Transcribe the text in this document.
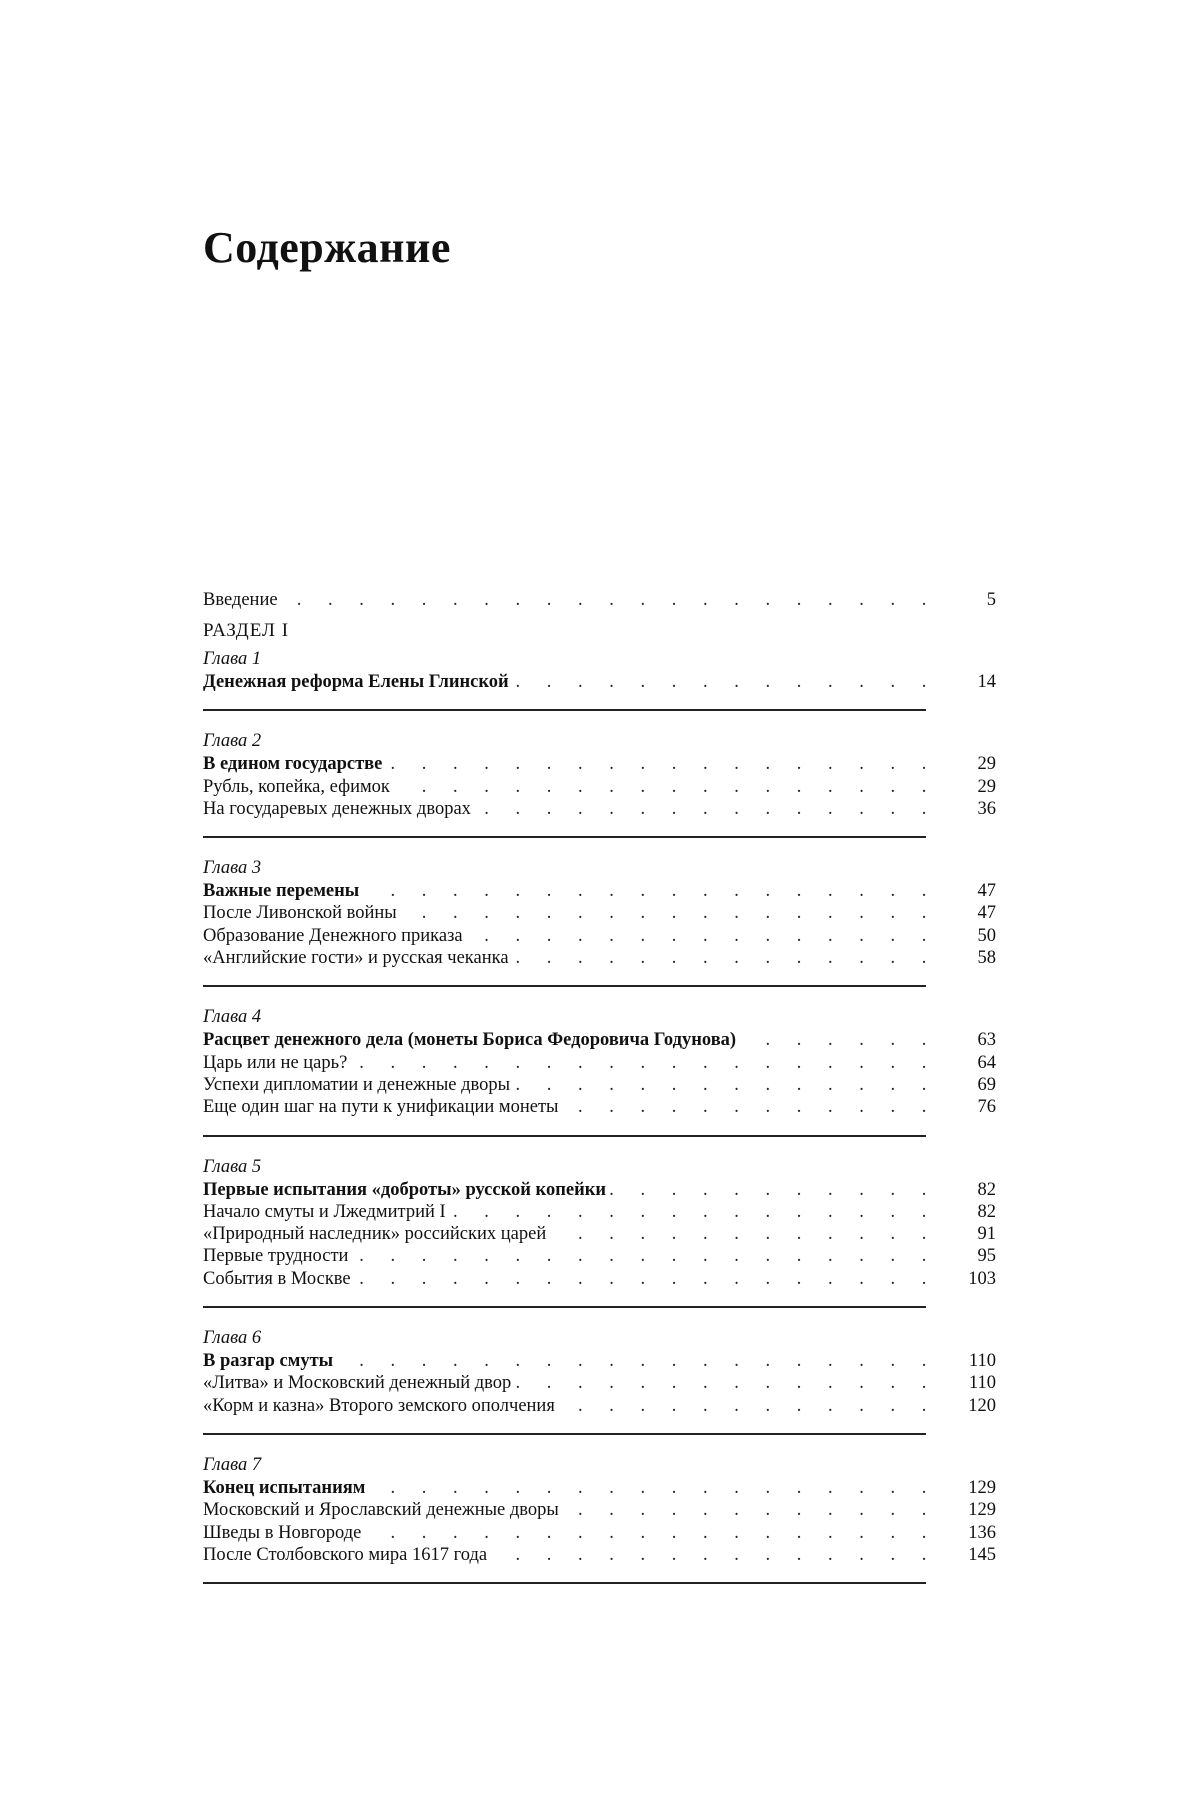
Содержание
. . . . . . . . . . . . . . . . . . . .
Введение	5
РАЗДЕЛ I
Глава 1
. . . . . . . . . . . . .
Денежная реформа Елены Глинской	14
Глава 2
. . . . . . . . . . . . . . . . .
В едином государстве	29
. . . . . . . . . . . . . . . . .
Рубль, копейка, ефимок	29
. . . . . . . . . . . . . .
На государевых денежных дворах	36
Глава 3
. . . . . . . . . . . . . . . . . .
Важные перемены	47
. . . . . . . . . . . . . . . .
После Ливонской войны	47
. . . . . . . . . . . . . .
Образование Денежного приказа	50
. . . . . . . . . . . . .
«Английские гости» и русская чеканка	58
Глава 4
Расцвет денежного дела (монеты Бориса Федоровича Годунова)	63
. . . . . . . . . . . . . . . . . .
Царь или не царь?	64
. . . . . . . . . . . . .
Успехи дипломатии и денежные дворы	69
. . . . . . . . . . .
Еще один шаг на пути к унификации монеты	76
Глава 5
Первые испытания «доброты» русской копейки	82
. . . . . . . . . . . . . . .
Начало смуты и Лжедмитрий I	82
. . . . . . . . . . . .
«Природный наследник» российских царей	91
. . . . . . . . . . . . . . . . . .
Первые трудности	95
. . . . . . . . . . . . . . . . . .
События в Москве	103
Глава 6
. . . . . . . . . . . . . . . . . .
В разгар смуты	110
. . . . . . . . . . . . .
«Литва» и Московский денежный двор	110
. . . . . . . . . . .
«Корм и казна» Второго земского ополчения	120
Глава 7
. . . . . . . . . . . . . . . . .
Конец испытаниям	129
. . . . . . . . . . .
Московский и Ярославский денежные дворы	129
. . . . . . . . . . . . . . . . . .
Шведы в Новгороде	136
. . . . . . . . . . . . . .
После Столбовского мира 1617 года	145
